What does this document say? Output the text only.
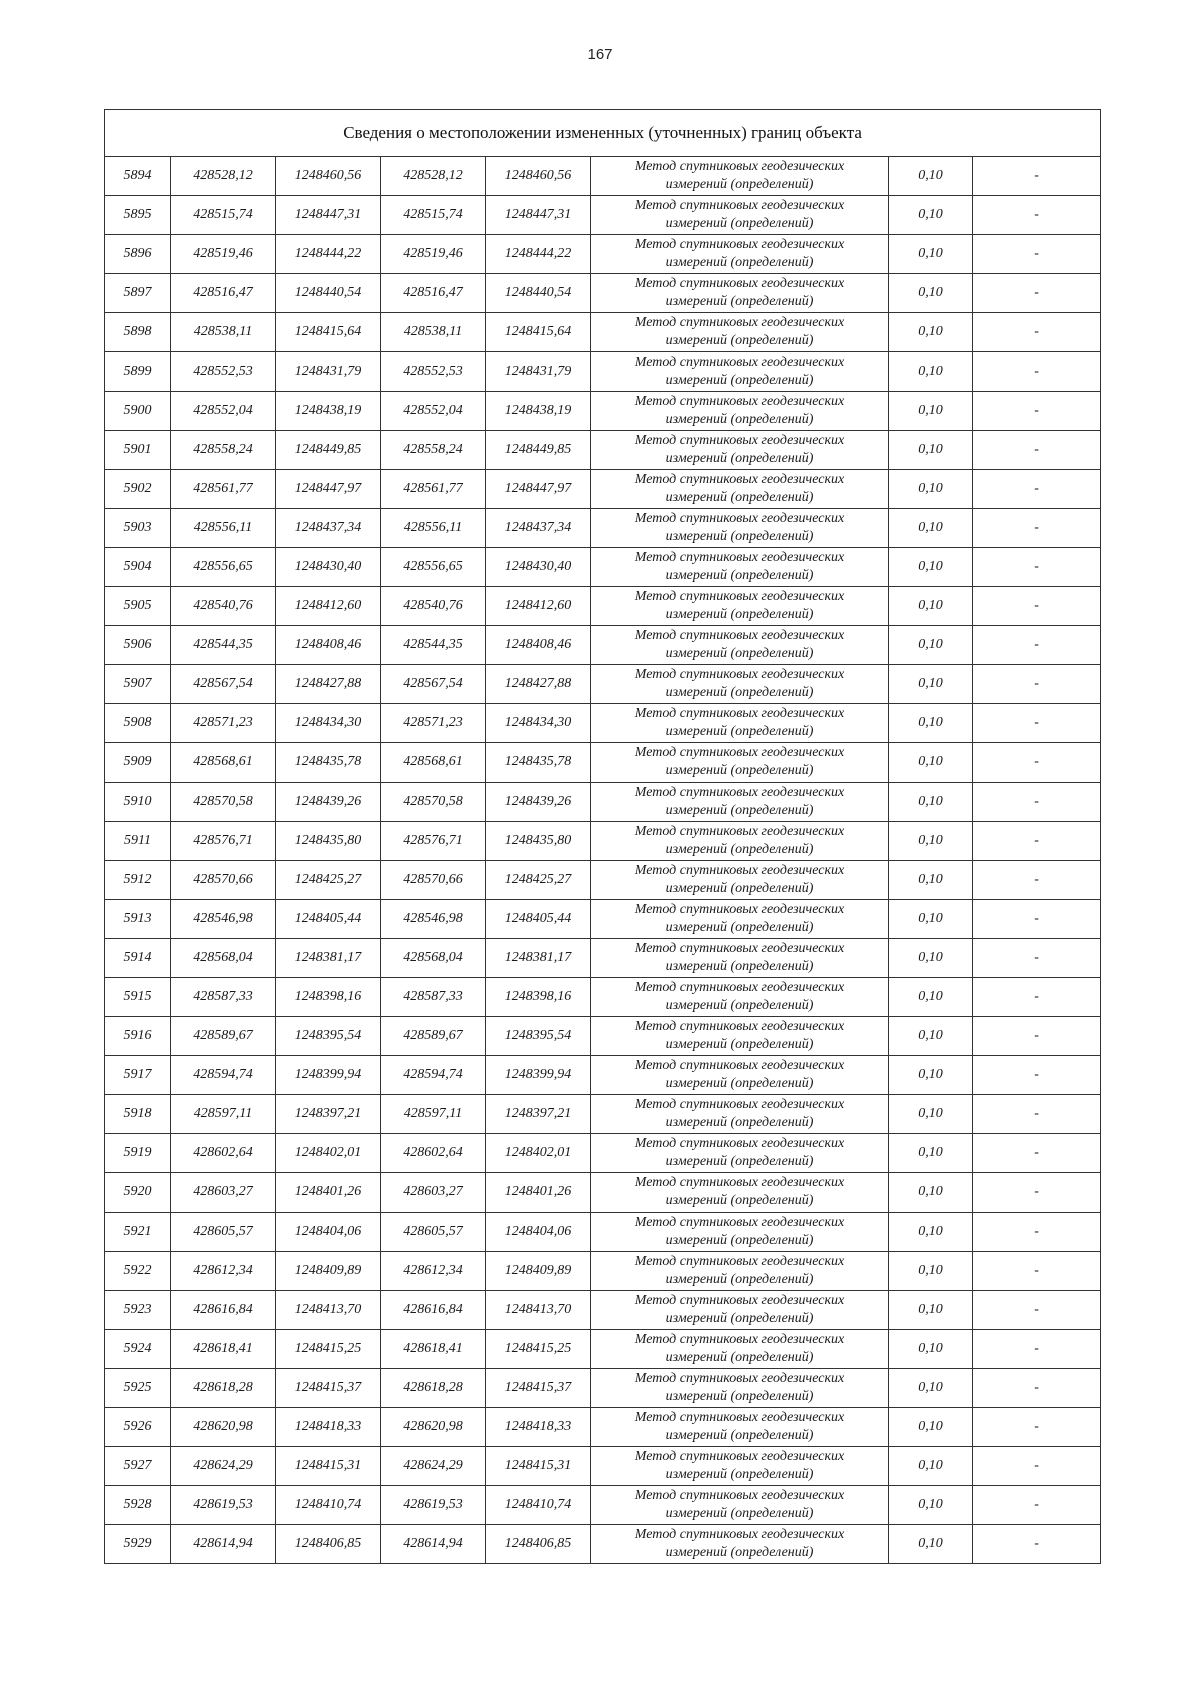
167
Сведения о местоположении измененных (уточненных) границ объекта							
5894	428528,12	1248460,56	428528,12	1248460,56	Метод спутниковых геодезических
измерений (определений)	0,10	-
5895	428515,74	1248447,31	428515,74	1248447,31	Метод спутниковых геодезических
измерений (определений)	0,10	-
5896	428519,46	1248444,22	428519,46	1248444,22	Метод спутниковых геодезических
измерений (определений)	0,10	-
5897	428516,47	1248440,54	428516,47	1248440,54	Метод спутниковых геодезических
измерений (определений)	0,10	-
5898	428538,11	1248415,64	428538,11	1248415,64	Метод спутниковых геодезических
измерений (определений)	0,10	-
5899	428552,53	1248431,79	428552,53	1248431,79	Метод спутниковых геодезических
измерений (определений)	0,10	-
5900	428552,04	1248438,19	428552,04	1248438,19	Метод спутниковых геодезических
измерений (определений)	0,10	-
5901	428558,24	1248449,85	428558,24	1248449,85	Метод спутниковых геодезических
измерений (определений)	0,10	-
5902	428561,77	1248447,97	428561,77	1248447,97	Метод спутниковых геодезических
измерений (определений)	0,10	-
5903	428556,11	1248437,34	428556,11	1248437,34	Метод спутниковых геодезических
измерений (определений)	0,10	-
5904	428556,65	1248430,40	428556,65	1248430,40	Метод спутниковых геодезических
измерений (определений)	0,10	-
5905	428540,76	1248412,60	428540,76	1248412,60	Метод спутниковых геодезических
измерений (определений)	0,10	-
5906	428544,35	1248408,46	428544,35	1248408,46	Метод спутниковых геодезических
измерений (определений)	0,10	-
5907	428567,54	1248427,88	428567,54	1248427,88	Метод спутниковых геодезических
измерений (определений)	0,10	-
5908	428571,23	1248434,30	428571,23	1248434,30	Метод спутниковых геодезических
измерений (определений)	0,10	-
5909	428568,61	1248435,78	428568,61	1248435,78	Метод спутниковых геодезических
измерений (определений)	0,10	-
5910	428570,58	1248439,26	428570,58	1248439,26	Метод спутниковых геодезических
измерений (определений)	0,10	-
5911	428576,71	1248435,80	428576,71	1248435,80	Метод спутниковых геодезических
измерений (определений)	0,10	-
5912	428570,66	1248425,27	428570,66	1248425,27	Метод спутниковых геодезических
измерений (определений)	0,10	-
5913	428546,98	1248405,44	428546,98	1248405,44	Метод спутниковых геодезических
измерений (определений)	0,10	-
5914	428568,04	1248381,17	428568,04	1248381,17	Метод спутниковых геодезических
измерений (определений)	0,10	-
5915	428587,33	1248398,16	428587,33	1248398,16	Метод спутниковых геодезических
измерений (определений)	0,10	-
5916	428589,67	1248395,54	428589,67	1248395,54	Метод спутниковых геодезических
измерений (определений)	0,10	-
5917	428594,74	1248399,94	428594,74	1248399,94	Метод спутниковых геодезических
измерений (определений)	0,10	-
5918	428597,11	1248397,21	428597,11	1248397,21	Метод спутниковых геодезических
измерений (определений)	0,10	-
5919	428602,64	1248402,01	428602,64	1248402,01	Метод спутниковых геодезических
измерений (определений)	0,10	-
5920	428603,27	1248401,26	428603,27	1248401,26	Метод спутниковых геодезических
измерений (определений)	0,10	-
5921	428605,57	1248404,06	428605,57	1248404,06	Метод спутниковых геодезических
измерений (определений)	0,10	-
5922	428612,34	1248409,89	428612,34	1248409,89	Метод спутниковых геодезических
измерений (определений)	0,10	-
5923	428616,84	1248413,70	428616,84	1248413,70	Метод спутниковых геодезических
измерений (определений)	0,10	-
5924	428618,41	1248415,25	428618,41	1248415,25	Метод спутниковых геодезических
измерений (определений)	0,10	-
5925	428618,28	1248415,37	428618,28	1248415,37	Метод спутниковых геодезических
измерений (определений)	0,10	-
5926	428620,98	1248418,33	428620,98	1248418,33	Метод спутниковых геодезических
измерений (определений)	0,10	-
5927	428624,29	1248415,31	428624,29	1248415,31	Метод спутниковых геодезических
измерений (определений)	0,10	-
5928	428619,53	1248410,74	428619,53	1248410,74	Метод спутниковых геодезических
измерений (определений)	0,10	-
5929	428614,94	1248406,85	428614,94	1248406,85	Метод спутниковых геодезических
измерений (определений)	0,10	-
